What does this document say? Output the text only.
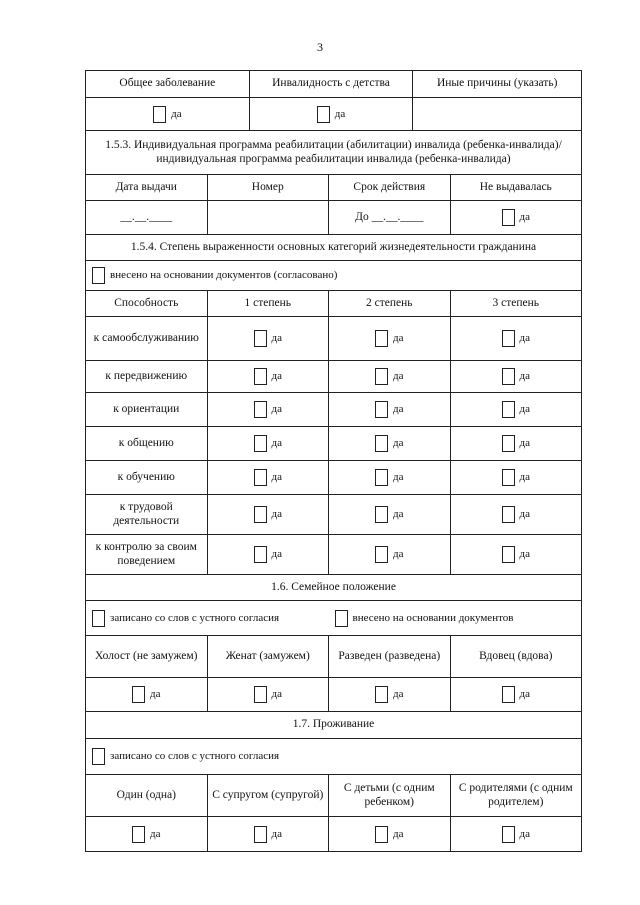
3
Общее заболевание	Инвалидность с детства	Иные причины (указать)
да	да	
1.5.3. Индивидуальная программа реабилитации (абилитации) инвалида (ребенка-инвалида)/индивидуальная программа реабилитации инвалида (ребенка-инвалида)			
Дата выдачи	Номер	Срок действия	Не выдавалась
__.__.____		До __.__.____	да
1.5.4. Степень выраженности основных категорий жизнедеятельности гражданина			
внесено на основании документов (согласовано)			
Способность	1 степень	2 степень	3 степень
к самообслуживанию	да	да	да
к передвижению	да	да	да
к ориентации	да	да	да
к общению	да	да	да
к обучению	да	да	да
к трудовой деятельности	да	да	да
к контролю за своим поведением	да	да	да
1.6. Семейное положение			
записано со слов с устного согласия		внесено на основании документов	
Холост (не замужем)	Женат (замужем)	Разведен (разведена)	Вдовец (вдова)
да	да	да	да
1.7. Проживание			
записано со слов с устного согласия			
Один (одна)	С супругом (супругой)	С детьми (с одним ребенком)	С родителями (с одним родителем)
да	да	да	да
